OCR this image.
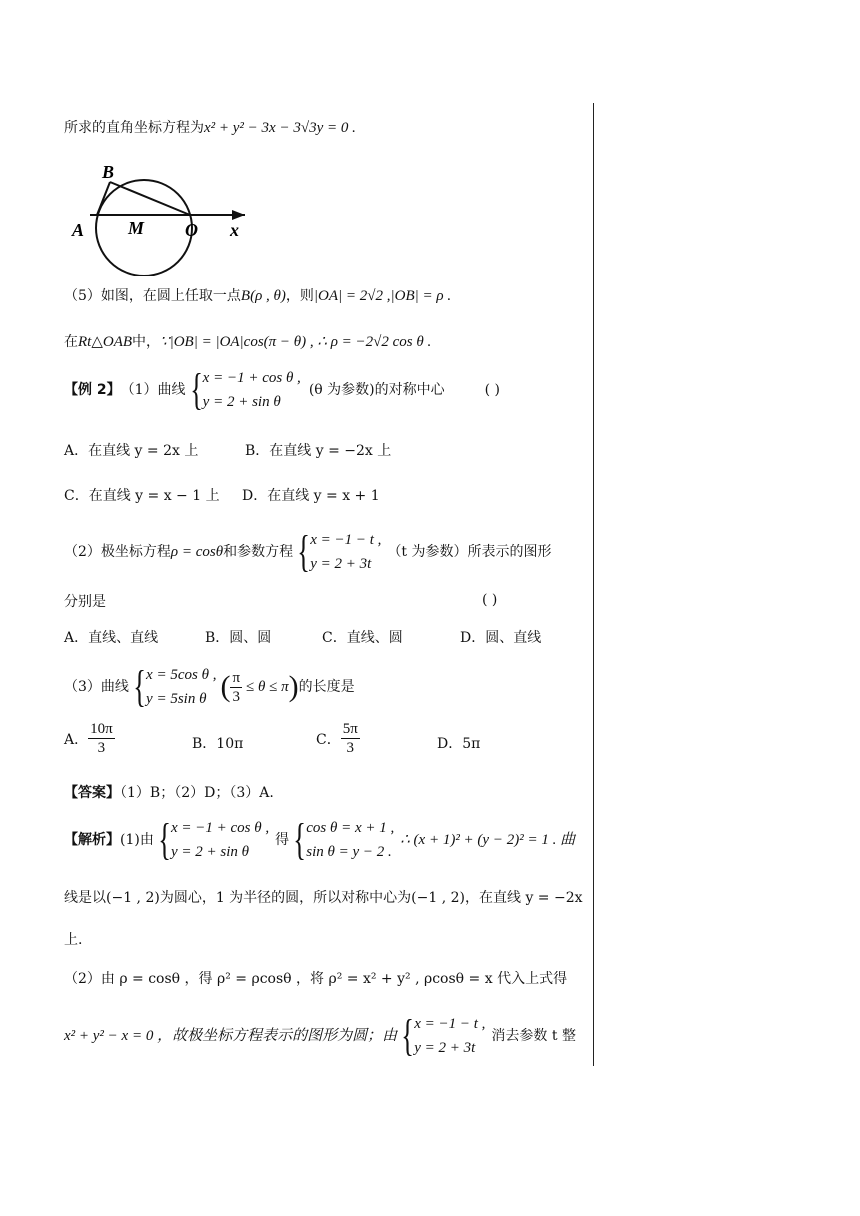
所求的直角坐标方程为x² + y² − 3x − 3√3y = 0 .
B
A M O x
（5）如图，在圆上任取一点B(ρ , θ)，则|OA| = 2√2 ,|OB| = ρ .
在Rt△OAB中，∵|OB| = |OA|cos(π − θ) , ∴ ρ = −2√2 cos θ .
【例 2】 （1）曲线 { x = −1 + cos θ ,
y = 2 + sin θ
(θ 为参数)的对称中心	( )
A．在直线 y = 2x 上	B．在直线 y = −2x 上
C．在直线 y = x − 1 上 D．在直线 y = x + 1
（2）极坐标方程 ρ = cosθ 和参数方程 { x = −1 − t ,
y = 2 + 3t
（t 为参数）所表示的图形
分别是	( )
A．直线、直线	B．圆、圆	C．直线、圆	D．圆、直线
（3）曲线 { x = 5cos θ ,
y = 5sin θ ( $\frac{\pi}{3} \le \theta \le \pi$ ) 的长度是
A． $\frac{10\pi}{3}$	B．10π	C． $\frac{5\pi}{3}$	D．5π
【答案】（1）B；（2）D；（3）A.
【解析】 (1)由 { x = −1 + cos θ ,
y = 2 + sin θ
得 { cos θ = x + 1 ,
sin θ = y − 2 .
∴ (x + 1)² + (y − 2)² = 1 . 曲
线是以(−1 , 2)为圆心，1 为半径的圆，所以对称中心为(−1 , 2)，在直线 y = −2x
上.
（2）由 ρ = cosθ ，得 ρ² = ρcosθ ，将 ρ² = x² + y² , ρcosθ = x 代入上式得
x² + y² − x = 0 ，故极坐标方程表示的图形为圆；由 { x = −1 − t ,
y = 2 + 3t
消去参数 t 整
